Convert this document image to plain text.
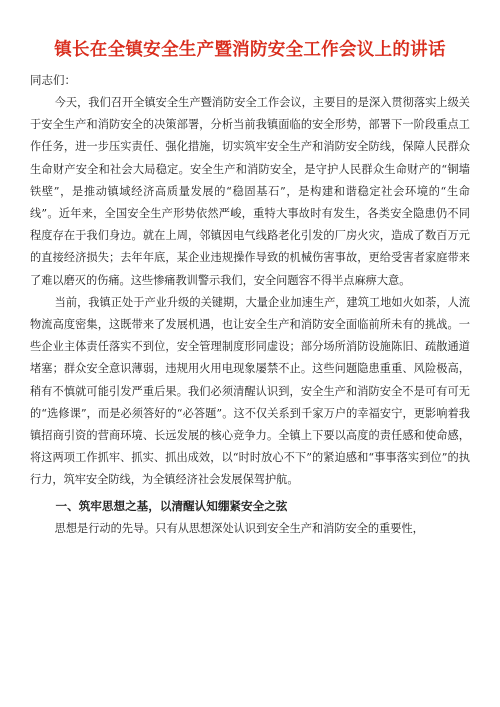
镇长在全镇安全生产暨消防安全工作会议上的讲话
同志们：

今天，我们召开全镇安全生产暨消防安全工作会议，主要目的是深入贯彻落实上级关于安全生产和消防安全的决策部署，分析当前我镇面临的安全形势，部署下一阶段重点工作任务，进一步压实责任、强化措施，切实筑牢安全生产和消防安全防线，保障人民群众生命财产安全和社会大局稳定。安全生产和消防安全，是守护人民群众生命财产的“铜墙铁壁”，是推动镇域经济高质量发展的“稳固基石”，是构建和谐稳定社会环境的“生命线”。近年来，全国安全生产形势依然严峻，重特大事故时有发生，各类安全隐患仍不同程度存在于我们身边。就在上周，邻镇因电气线路老化引发的厂房火灾，造成了数百万元的直接经济损失；去年年底，某企业违规操作导致的机械伤害事故，更给受害者家庭带来了难以磨灭的伤痛。这些惨痛教训警示我们，安全问题容不得半点麻痹大意。

当前，我镇正处于产业升级的关键期，大量企业加速生产，建筑工地如火如荼，人流物流高度密集，这既带来了发展机遇，也让安全生产和消防安全面临前所未有的挑战。一些企业主体责任落实不到位，安全管理制度形同虚设；部分场所消防设施陈旧、疏散通道堵塞；群众安全意识薄弱，违规用火用电现象屡禁不止。这些问题隐患重重、风险极高，稍有不慎就可能引发严重后果。我们必须清醒认识到，安全生产和消防安全不是可有可无的“选修课”，而是必须答好的“必答题”。这不仅关系到千家万户的幸福安宁，更影响着我镇招商引资的营商环境、长远发展的核心竞争力。全镇上下要以高度的责任感和使命感，将这两项工作抓牢、抓实、抓出成效，以“时时放心不下”的紧迫感和“事事落实到位”的执行力，筑牢安全防线，为全镇经济社会发展保驾护航。

一、筑牢思想之基，以清醒认知绷紧安全之弦

思想是行动的先导。只有从思想深处认识到安全生产和消防安全的重要性，
